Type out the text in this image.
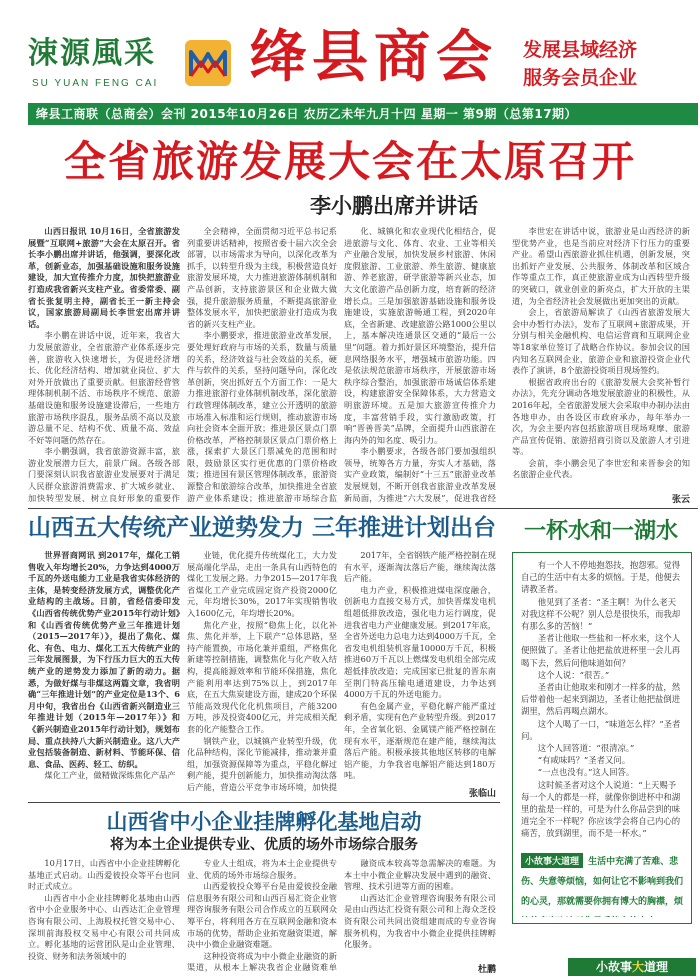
涑源風采
SU YUAN FENG CAI	绛县商会 发展县域经济
服务会员企业
绛县工商联（总商会）会刊 2015年10月26日 农历乙未年九月十四 星期一 第9期（总第17期）
全省旅游发展大会在太原召开
李小鹏出席并讲话

山西日报讯 10月16日，全省旅游发展暨“互联网+旅游”大会在太原召开。省长李小鹏出席并讲话，他强调，要深化改革，创新业态，加强基础设施和服务设施建设，加大宣传推介力度，加快把旅游业打造成我省新兴支柱产业。省委常委、副省长张复明主持，副省长王一新主持会议，国家旅游局副局长李世宏出席并讲话。

李小鹏在讲话中说，近年来，我省大力发展旅游业，全省旅游产业体系逐步完善，旅游收入快速增长，为促进经济增长、优化经济结构、增加就业岗位、扩大对外开放做出了重要贡献。但旅游经营管理体制机制不活、市场秩序不规范、旅游基础设施和服务设施建设滞后，一些地方旅游市场秩序混乱，服务品质不高以及旅游总量不足、结构不优、质量不高、效益不好等问题仍然存在。

李小鹏强调，我省旅游资源丰富，旅游业发展潜力巨大，前景广阔。各级各部门要深刻认识我省旅游业发展要对于满足人民群众旅游消费需求、扩大城乡就业、加快转型发展、树立良好形象的重要作

全会精神，全面贯彻习近平总书记系列重要讲话精神，按照省委十届六次全会部署，以市场需求为导向，以深化改革为抓手，以转型升级为主线，积极营造良好旅游发展环境，大力推进旅游体制机制和产品创新，支持旅游景区和企业做大做强，提升旅游服务质量，不断提高旅游业整体发展水平，加快把旅游业打造成为我省的新兴支柱产业。

李小鹏要求，推进旅游业改革发展，要处理好政府与市场的关系，数量与质量的关系，经济效益与社会效益的关系，硬件与软件的关系，坚持问题导向，深化改革创新，突出抓好五个方面工作：一是大力推进旅游行业体制机制改革，深化旅游行政管理体制改革，建立公开透明的旅游市场准入标准和运行规则，推动旅游市场向社会资本全面开放；推进景区景点门票价格改革，严格控制景区景点门票价格上涨，探索扩大景区门票减免的范围和时限，鼓励景区实行更优惠的门票价格政策；推进国有景区管理体制改革，旅游资源整合和旅游综合改革，加快推进全省旅游产业体系建设；推进旅游市场综合监

化、城镇化和农业现代化相结合，促进旅游与文化、体育、农业、工业等相关产业融合发展，加快发展乡村旅游、休闲度假旅游、工业旅游、养生旅游、健康旅游、养老旅游，研学旅游等新兴业态，加大文化旅游产品创新力度，培育新的经济增长点。三是加强旅游基础设施和服务设施建设，实施旅游畅通工程，到2020年底，全省新建、改建旅游公路1000公里以上，基本解决连通景区交通的“最后一公里”问题。着力抓好景区环境整治，提升信息网络服务水平，增强城市旅游功能。四是依法规范旅游市场秩序，开展旅游市场秩序综合整治，加强旅游市场诚信体系建设，构建旅游安全保障体系，大力营造文明旅游环境。五是加大旅游宣传推介力度，丰富营销手段，实行激励政策，打响“晋善晋美”品牌，全面提升山西旅游在海内外的知名度、吸引力。

李小鹏要求，各级各部门要加强组织领导，统筹各方力量，夯实人才基础，落实产业政策，编制好“十三五”旅游业改革发展规划，不断开创我省旅游业改革发展新局面，为推进“六大发展”，促进我省经

李世宏在讲话中说，旅游业是山西经济的新型优势产业，也是当前应对经济下行压力的重要产业。希望山西旅游业抓住机遇，创新发展，突出抓好产业发展、公共服务、体制改革和区域合作等重点工作，真正使旅游业成为山西转型升级的突破口，就业创业的新亮点，扩大开放的主渠道，为全省经济社会发展做出更加突出的贡献。

会上，省旅游局解读了《山西省旅游发展大会中办暂行办法》，发布了互联网+旅游成果，开分别与相关金融机构、电信运营商和互联网企业等18家单位签订了战略合作协议。参加会议的国内知名互联网企业，旅游企业和旅游投资企业代表作了演讲，8个旅游投资项目现场签约。

根据省政府出台的《旅游发展大会奖补暂行办法》，先充分调动各地发展旅游业的积极性，从2016年起，全省旅游发展大会采取申办制办法由各地申办，由各设区市政府承办，每年举办一次，为会主要内容包括旅游项目现场观摩、旅游产品宣传促销、旅游招商引资以及旅游人才引进等。

会前，李小鹏会见了李世宏和来晋参会的知名旅游企业代表。

张云
山西五大传统产业逆势发力 三年推进计划出台

世界晋商网讯 到2017年，煤化工销售收入年均增长20%，力争达到4000万千瓦的外送电能力工业是我省实体经济的主体，是转变经济发展方式，调整优化产业结构的主战场。日前，省经信委印发《山西省传统优势产业2015年行动计划》和《山西省传统优势产业三年推进计划（2015—2017年）》，提出了焦化、煤化、有色、电力、煤化工五大传统产业的三年发展图景，为下行压力巨大的五大传统产业的逆势发力添加了新的动力。据悉，为做好煤与非煤这两篇文章，我省明确“三年推进计划”的产业定位是13个、6月中旬，我省出台《山西省新兴制造业三年推进计划（2015年—2017年）》和《新兴制造业2015年行动计划》，规划布局、重点扶持八大新兴制造业。这八大产业包括装备制造、新材料、节能环保、信息、食品、医药、轻工、纺织。

煤化工产业，做精做深炼焦化产品产

业链，优化提升传统煤化工，大力发展高端化学品，走出一条具有山西特色的煤化工发展之路。力争2015—2017年我省煤化工产业完成固定资产投资2000亿元，年均增长30%，2017年实现销售收入1600亿元，年均增长20%。

焦化产业，按照“稳焦上化，以化补焦、焦化并举，上下联产”总体思路，坚持产能置换，市场化兼并重组，严格焦化新建等控制措施，调整焦化与化产收入结构，提高能源效率和节能环保措施，焦化产能利用率达到75%以上，到2017年底，在五大焦炭建设方面，建成20个环保节能高效现代化化机焦项目，产能3200万吨，涉及投资400亿元，并完成相关配套的化产能整合工作。

钢铁产业，以城镇产业转型升级，优化品种结构，深化节能减排，推动兼并重组，加强资源保障等为重点，平稳化解过剩产能，提升创新能力，加快推动淘汰落后产能，营造公平竞争市场环境，加快提

2017年，全省钢铁产能严格控制在现有水平，逐渐淘汰落后产能，继续淘汰落后产能。

电力产业，积极推进煤电深度融合，创新电力直接交易方式，加快晋煤发电机组超低排放改造，强化电力运行调度，促进我省电力产业健康发展。到2017年底，全省外送电力总电力达到4000万千瓦，全省发电机组装机容量10000万千瓦，积极推进60万千瓦以上燃煤发电机组全部完成超低排放改造；完成国家已批复的晋东南至荆门特高压输电通道建设，力争达到4000万千瓦的外送电能力。

有色金属产业，平稳化解产能严重过剩矛盾，实现有色产业转型升级。到2017年，全省氧化铝、金属镁产能严格控制在现有水平，逐渐规范在建产能，继续淘汰落后产能。积极承接其他地区转移的电解铝产能，力争我省电解铝产能达到180万吨。

张临山
一杯水和一湖水

有一个人不停地抱怨技，抱怨邪。觉得自己的生活中有太多的烦恼。于是，他便去请教圣者。

他见到了圣者：“圣主啊！为什么老天对我这样不公呢？别人总是很快乐，而我却有那么多的苦恼！”

圣者让他取一些盐和一杯水来，这个人便照做了。圣者让他把盐放进杯里一会儿再喝下去，然后问他味道如何？

这个人说：“很苦。”

圣者由让他取来和刚才一样多的盐，然后带着他一起来到湖边，圣者让他把盐倒进湖里，然后再喝点湖水。

这个人喝了一口，“味道怎么样？”圣者问。

这个人回答道：“很清凉。”

“有咸味吗？”圣者又问。

“一点也没有。”这人回答。

这时候圣者对这个人说道：“上天赐予每一个人的都是一样，就像你倒进杯中和湖里的盐是一样的，可是为什么你品尝到的味道完全不一样呢？你应该学会将自己内心的痛苦，放到湖里，而不是一杯水。”

小故事大道理 生活中充满了苦难、悲伤、失意等烦恼，如何让它不影响到我们的心灵，那就需要你拥有博大的胸襟，烦
小故事大道理
山西省中小企业挂牌孵化基地启动
将为本土企业提供专业、优质的场外市场综合服务

10月17日，山西省中小企业挂牌孵化基地正式启动。山西爱彼投众等平台也同时正式成立。

山西省中小企业挂牌孵化基地由山西省中小企业服务中心、山西达汇企业管理咨询有限公司、上海股权托管交易中心、深圳前海股权交易中心有限公司共同成立。孵化基地的运营团队是山企业管理、投资、财务和法务领域中的

专业人士组成，将为本土企业提供专业、优质的场外市场综合服务。

山西爱彼投众筹平台是由爱彼投金融信息服务有限公司和山西百易汇资企业管理咨询服务有限公司合作成立的互联网众筹平台，将利用各方在互联网金融和资本市场的优势，帮助企业拓宽融资渠道，解决中小微企业融资难题。

这种投资将成为中小微企业融资的新渠道，从根本上解决我省企业融资难单

融资成本较高等急需解决的难题。为本土中小微企业解决发展中遇到的融资、管理、技术引进等方面的困难。

山西达汇企业管理咨询服务有限公司是由山西达汇投资有限公司和上海众芝投资有限公司共同出资组建而成的专业咨询服务机构，为我省中小微企业提供挂牌孵化服务。

杜鹏
